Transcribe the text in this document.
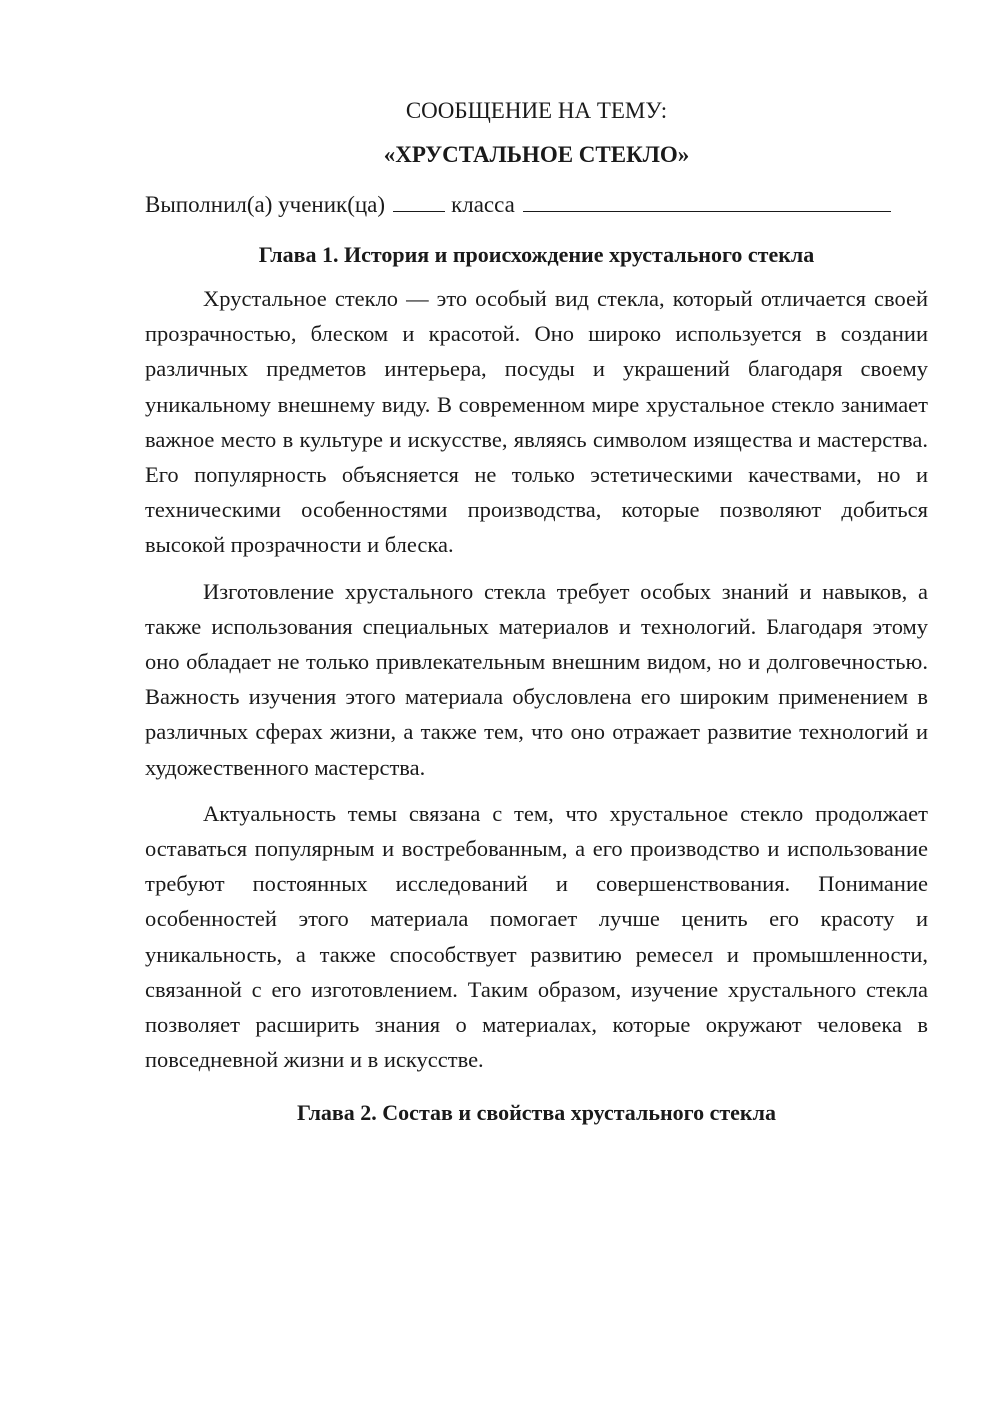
СООБЩЕНИЕ НА ТЕМУ:

«ХРУСТАЛЬНОЕ СТЕКЛО»

Выполнил(а) ученик(ца)	класса

Глава 1. История и происхождение хрустального стекла

Хрустальное стекло — это особый вид стекла, который отличается своей прозрачностью, блеском и красотой. Оно широко используется в создании различных предметов интерьера, посуды и украшений благодаря своему уникальному внешнему виду. В современном мире хрустальное стекло занимает важное место в культуре и искусстве, являясь символом изящества и мастерства. Его популярность объясняется не только эстетическими качествами, но и техническими особенностями производства, которые позволяют добиться высокой прозрачности и блеска.

Изготовление хрустального стекла требует особых знаний и навыков, а также использования специальных материалов и технологий. Благодаря этому оно обладает не только привлекательным внешним видом, но и долговечностью. Важность изучения этого материала обусловлена его широким применением в различных сферах жизни, а также тем, что оно отражает развитие технологий и художественного мастерства.

Актуальность темы связана с тем, что хрустальное стекло продолжает оставаться популярным и востребованным, а его производство и использование требуют постоянных исследований и совершенствования. Понимание особенностей этого материала помогает лучше ценить его красоту и уникальность, а также способствует развитию ремесел и промышленности, связанной с его изготовлением. Таким образом, изучение хрустального стекла позволяет расширить знания о материалах, которые окружают человека в повседневной жизни и в искусстве.

Глава 2. Состав и свойства хрустального стекла
